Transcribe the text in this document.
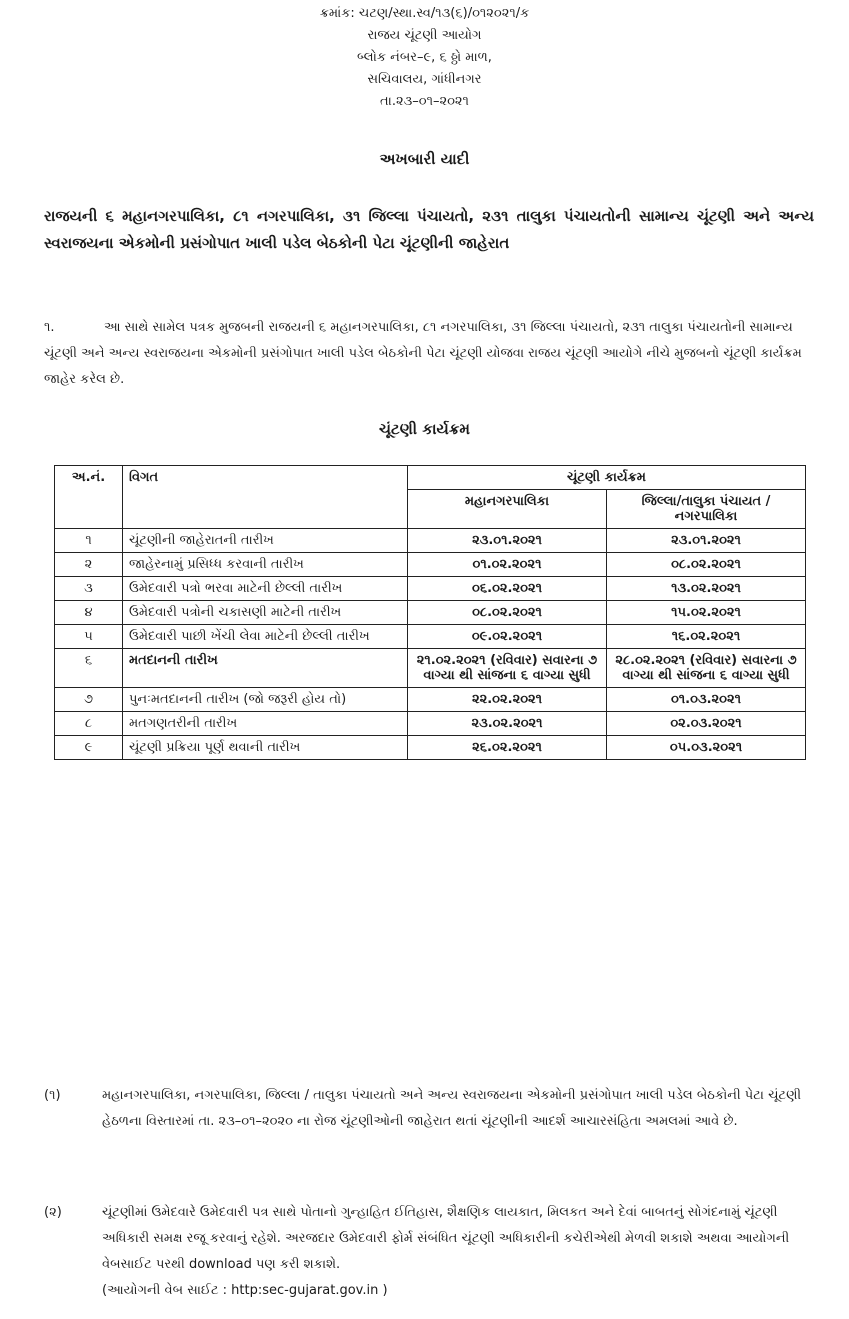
ક્રમાંક: ચટણ/સ્થા.સ્વ/૧૩(૬)/૦૧૨૦૨૧/ક
રાજય ચૂંટણી આયોગ
બ્લોક નંબર–૯, ૬ ઠ્ઠો માળ,
સચિવાલય, ગાંધીનગર
તા.૨૩–૦૧–૨૦૨૧
અખબારી યાદી
રાજયની ૬ મહાનગરપાલિકા, ૮૧ નગરપાલિકા, ૩૧ જિલ્લા પંચાયતો, ૨૩૧ તાલુકા પંચાયતોની સામાન્ય ચૂંટણી અને અન્ય સ્વરાજયના એકમોની પ્રસંગોપાત ખાલી પડેલ બેઠકોની પેટા ચૂંટણીની જાહેરાત
૧.	આ સાથે સામેલ પત્રક મુજબની રાજયની ૬ મહાનગરપાલિકા, ૮૧ નગરપાલિકા, ૩૧ જિલ્લા પંચાયતો, ૨૩૧ તાલુકા પંચાયતોની સામાન્ય ચૂંટણી અને અન્ય સ્વરાજયના એકમોની પ્રસંગોપાત ખાલી પડેલ બેઠકોની પેટા ચૂંટણી યોજવા રાજય ચૂંટણી આયોગે નીચે મુજબનો ચૂંટણી કાર્યક્રમ જાહેર કરેલ છે.
ચૂંટણી કાર્યક્રમ
અ.નં.	વિગત	ચૂંટણી કાર્યક્રમ	
		મહાનગરપાલિકા	જિલ્લા/તાલુકા પંચાયત / નગરપાલિકા
૧	ચૂંટણીની જાહેરાતની તારીખ	૨૩.૦૧.૨૦૨૧	૨૩.૦૧.૨૦૨૧
૨	જાહેરનામું પ્રસિધ્ધ કરવાની તારીખ	૦૧.૦૨.૨૦૨૧	૦૮.૦૨.૨૦૨૧
૩	ઉમેદવારી પત્રો ભરવા માટેની છેલ્લી તારીખ	૦૬.૦૨.૨૦૨૧	૧૩.૦૨.૨૦૨૧
૪	ઉમેદવારી પત્રોની ચકાસણી માટેની તારીખ	૦૮.૦૨.૨૦૨૧	૧૫.૦૨.૨૦૨૧
૫	ઉમેદવારી પાછી ખેંચી લેવા માટેની છેલ્લી તારીખ	૦૯.૦૨.૨૦૨૧	૧૬.૦૨.૨૦૨૧
૬	મતદાનની તારીખ	૨૧.૦૨.૨૦૨૧ (રવિવાર) સવારના ૭ વાગ્યા થી સાંજના ૬ વાગ્યા સુધી	૨૮.૦૨.૨૦૨૧ (રવિવાર) સવારના ૭ વાગ્યા થી સાંજના ૬ વાગ્યા સુધી
૭	પુનઃમતદાનની તારીખ (જો જરૂરી હોય તો)	૨૨.૦૨.૨૦૨૧	૦૧.૦૩.૨૦૨૧
૮	મતગણતરીની તારીખ	૨૩.૦૨.૨૦૨૧	૦૨.૦૩.૨૦૨૧
૯	ચૂંટણી પ્રક્રિયા પૂર્ણ થવાની તારીખ	૨૬.૦૨.૨૦૨૧	૦૫.૦૩.૨૦૨૧
(૧)	મહાનગરપાલિકા, નગરપાલિકા, જિલ્લા / તાલુકા પંચાયતો અને અન્ય સ્વરાજયના એકમોની પ્રસંગોપાત ખાલી પડેલ બેઠકોની પેટા ચૂંટણી હેઠળના વિસ્તારમાં તા. ૨૩–૦૧–૨૦૨૦ ના રોજ ચૂંટણીઓની જાહેરાત થતાં ચૂંટણીની આદર્શ આચારસંહિતા અમલમાં આવે છે.
(૨)	ચૂંટણીમાં ઉમેદવારે ઉમેદવારી પત્ર સાથે પોતાનો ગુન્હાહિત ઈતિહાસ, શૈક્ષણિક લાયકાત, મિલકત અને દેવાં બાબતનું સોગંદનામું ચૂંટણી અધિકારી સમક્ષ રજૂ કરવાનું રહેશે. અરજદાર ઉમેદવારી ફોર્મ સંબંધિત ચૂંટણી અધિકારીની કચેરીએથી મેળવી શકાશે અથવા આયોગની વેબસાઈટ પરથી download પણ કરી શકાશે.
(આયોગની વેબ સાઈટ : http:sec-gujarat.gov.in )
